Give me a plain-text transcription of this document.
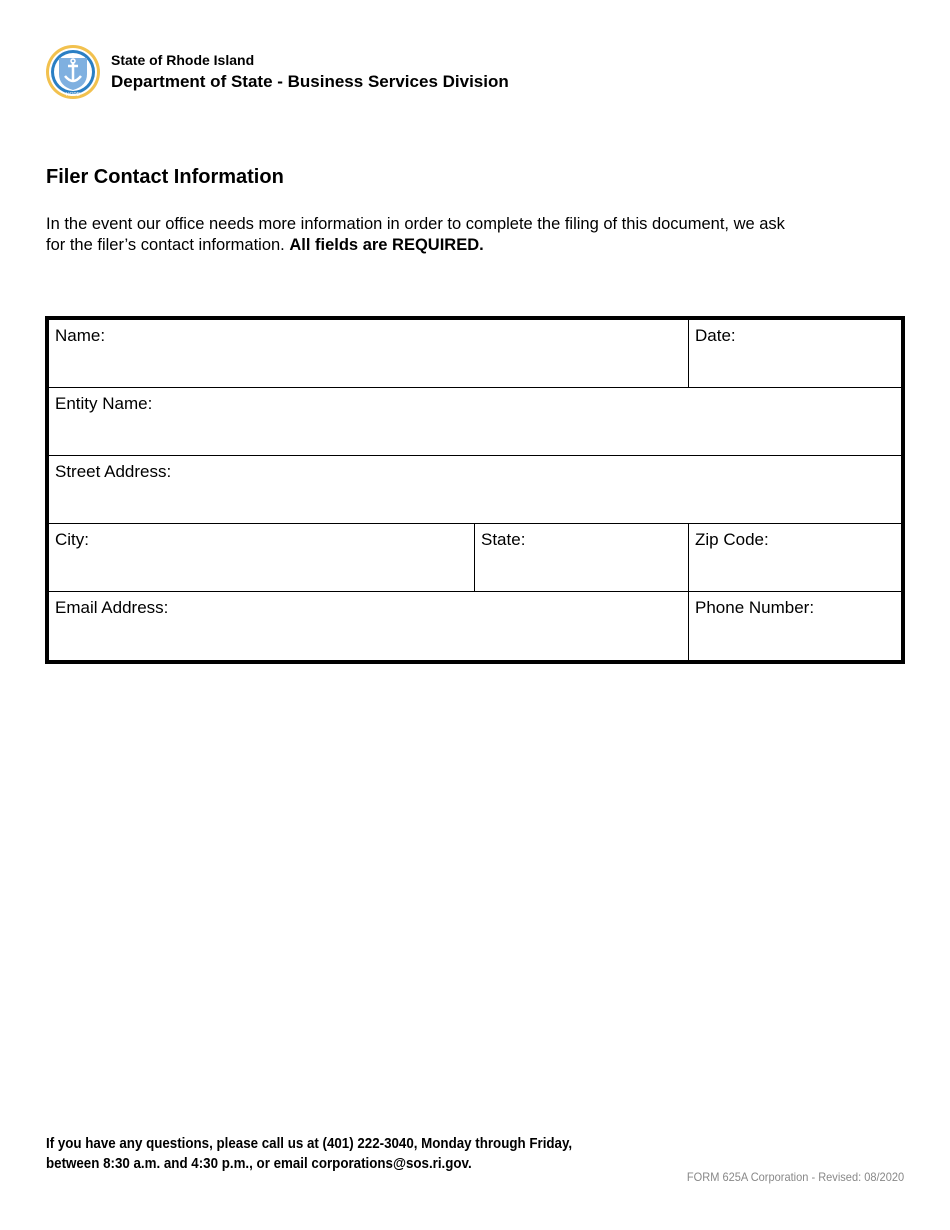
HOPE
State of Rhode Island
Department of State - Business Services Division
Filer Contact Information
In the event our office needs more information in order to complete the filing of this document, we ask for the filer’s contact information. All fields are REQUIRED.
Name:	Date:
Entity Name:
Street Address:
City:	State:	Zip Code:
Email Address:	Phone Number:
If you have any questions, please call us at (401) 222-3040, Monday through Friday,
between 8:30 a.m. and 4:30 p.m., or email corporations@sos.ri.gov.
FORM 625A Corporation - Revised: 08/2020
